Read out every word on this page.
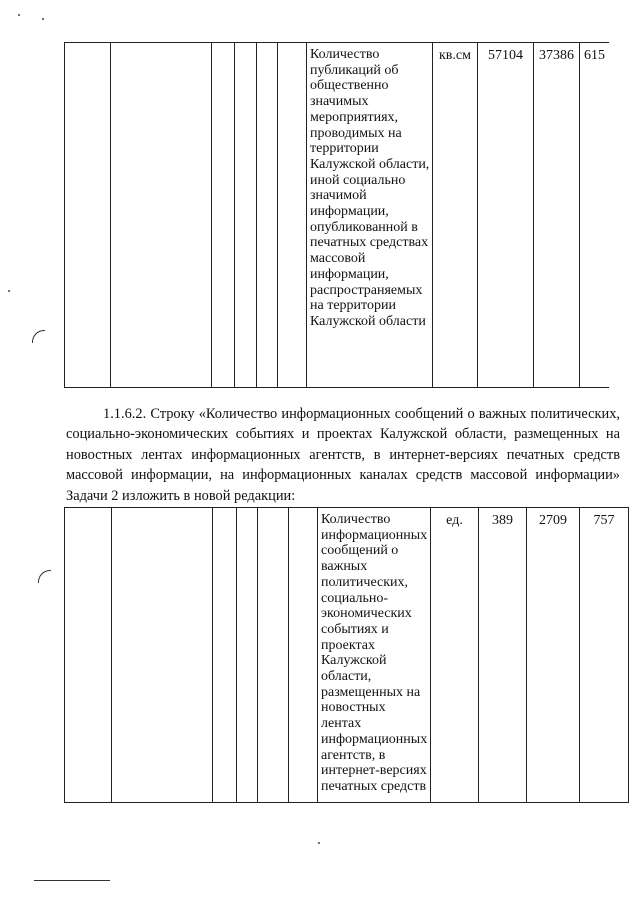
						Количество публикаций об общественно значимых мероприятиях, проводимых на территории Калужской области, иной социально значимой информации, опубликованной в печатных средствах массовой информации, распространяемых на территории Калужской области	кв.см	57104	37386	615

1.1.6.2. Строку «Количество информационных сообщений о важных политических, социально-экономических событиях и проектах Калужской области, размещенных на новостных лентах информационных агентств, в интернет-версиях печатных средств массовой информации, на информационных каналах средств массовой информации» Задачи 2 изложить в новой редакции:

						Количество информационных сообщений о важных политических, социально-экономических событиях и проектах Калужской области, размещенных на новостных лентах информационных агентств, в интернет-версиях печатных средств	ед.	389	2709	757
